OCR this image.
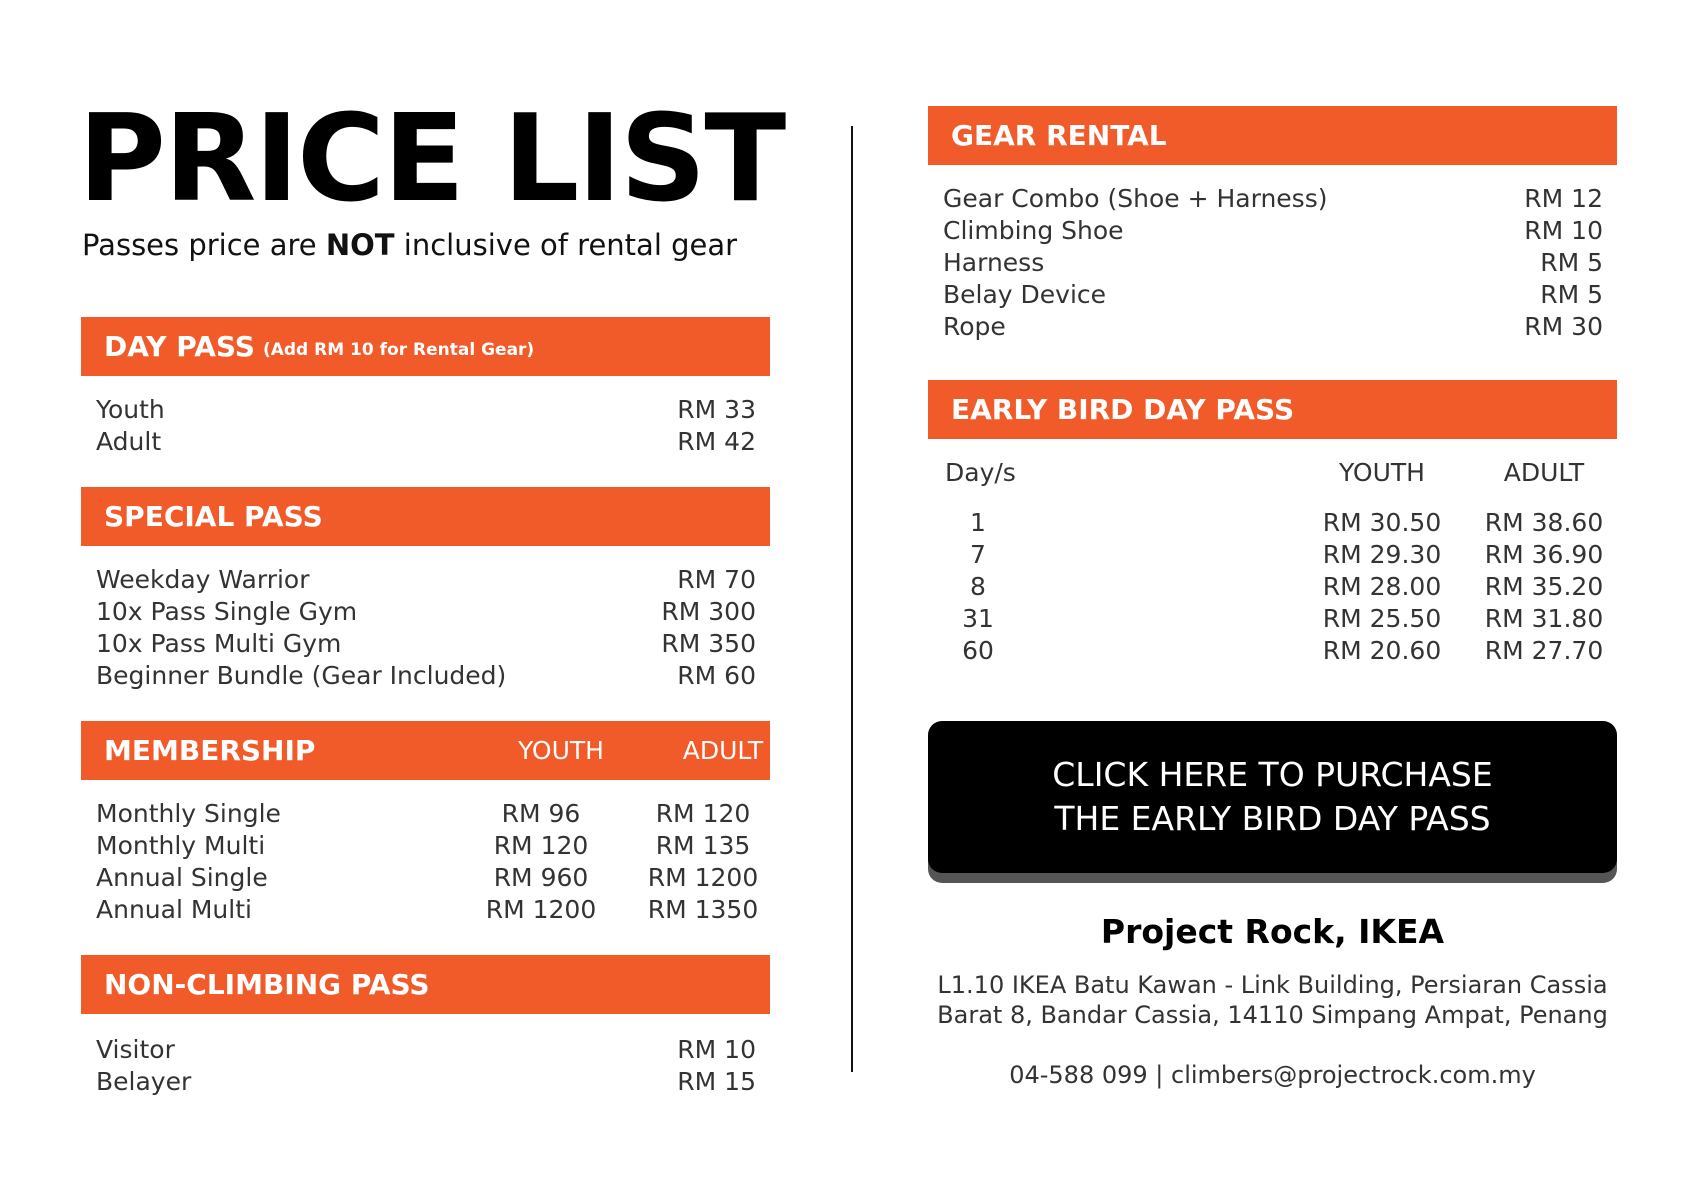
PRICE LIST
Passes price are NOT inclusive of rental gear
DAY PASS (Add RM 10 for Rental Gear)
Youth	RM 33
Adult	RM 42
SPECIAL PASS
Weekday Warrior	RM 70
10x Pass Single Gym	RM 300
10x Pass Multi Gym	RM 350
Beginner Bundle (Gear Included)	RM 60
MEMBERSHIP	YOUTH	ADULT
Monthly Single	RM 96	RM 120
Monthly Multi	RM 120	RM 135
Annual Single	RM 960	RM 1200
Annual Multi	RM 1200	RM 1350
NON-CLIMBING PASS
Visitor	RM 10
Belayer	RM 15
GEAR RENTAL
Gear Combo (Shoe + Harness)	RM 12
Climbing Shoe	RM 10
Harness	RM 5
Belay Device	RM 5
Rope	RM 30
EARLY BIRD DAY PASS
Day/s	YOUTH	ADULT
1	RM 30.50 RM 38.60
7	RM 29.30 RM 36.90
8	RM 28.00 RM 35.20
31	RM 25.50 RM 31.80
60	RM 20.60 RM 27.70
CLICK HERE TO PURCHASE
THE EARLY BIRD DAY PASS
Project Rock, IKEA
L1.10 IKEA Batu Kawan - Link Building, Persiaran Cassia
Barat 8, Bandar Cassia, 14110 Simpang Ampat, Penang
04-588 099 | climbers@projectrock.com.my
